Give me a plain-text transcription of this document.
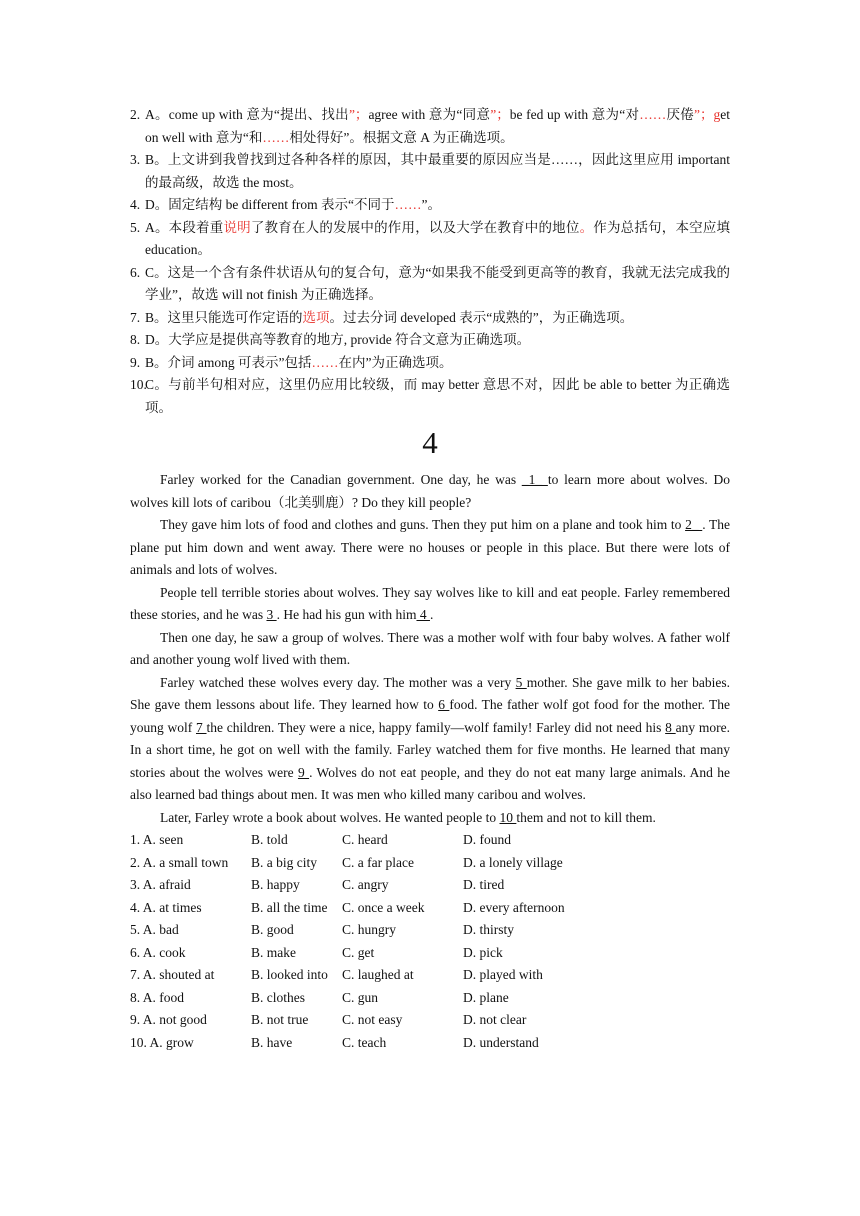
2. A。come up with 意为“提出、找出”；agree with 意为“同意”；be fed up with 意为“对……厌倦”；get on well with 意为“和……相处得好”。根据文意 A 为正确选项。
3. B。上文讲到我曾找到过各种各样的原因，其中最重要的原因应当是……，因此这里应用 important 的最高级，故选 the most。
4. D。固定结构 be different from 表示“不同于……”。
5. A。本段着重说明了教育在人的发展中的作用，以及大学在教育中的地位。作为总括句，本空应填 education。
6. C。这是一个含有条件状语从句的复合句，意为“如果我不能受到更高等的教育，我就无法完成我的学业”，故选 will not finish 为正确选择。
7. B。这里只能选可作定语的选项。过去分词 developed 表示“成熟的”，为正确选项。
8. D。大学应是提供高等教育的地方, provide 符合文意为正确选项。
9. B。介词 among 可表示”包括……在内”为正确选项。
10.
C。与前半句相对应，这里仍应用比较级，而 may better 意思不对，因此 be able to better 为正确选项。
4

Farley worked for the Canadian government. One day, he was _1_ to learn more about wolves. Do wolves kill lots of caribou（北美驯鹿）? Do they kill people?

They gave him lots of food and clothes and guns. Then they put him on a plane and took him to 2_ . The plane put him down and went away. There were no houses or people in this place. But there were lots of animals and lots of wolves.

People tell terrible stories about wolves. They say wolves like to kill and eat people. Farley remembered these stories, and he was 3 . He had his gun with him 4 .

Then one day, he saw a group of wolves. There was a mother wolf with four baby wolves. A father wolf and another young wolf lived with them.

Farley watched these wolves every day. The mother was a very 5 mother. She gave milk to her babies. She gave them lessons about life. They learned how to 6 food. The father wolf got food for the mother. The young wolf 7 the children. They were a nice, happy family—wolf family! Farley did not need his 8 any more. In a short time, he got on well with the family. Farley watched them for five months. He learned that many stories about the wolves were 9 . Wolves do not eat people, and they do not eat many large animals. And he also learned bad things about men. It was men who killed many caribou and wolves.

Later, Farley wrote a book about wolves. He wanted people to 10 them and not to kill them.

1. A. seen	B. told	C. heard	D. found
2. A. a small town	B. a big city	C. a far place	D. a lonely village
3. A. afraid	B. happy	C. angry	D. tired
4. A. at times	B. all the time	C. once a week	D. every afternoon
5. A. bad	B. good	C. hungry	D. thirsty
6. A. cook	B. make	C. get	D. pick
7. A. shouted at	B. looked into	C. laughed at	D. played with
8. A. food	B. clothes	C. gun	D. plane
9. A. not good	B. not true	C. not easy	D. not clear
10. A. grow	B. have	C. teach	D. understand
